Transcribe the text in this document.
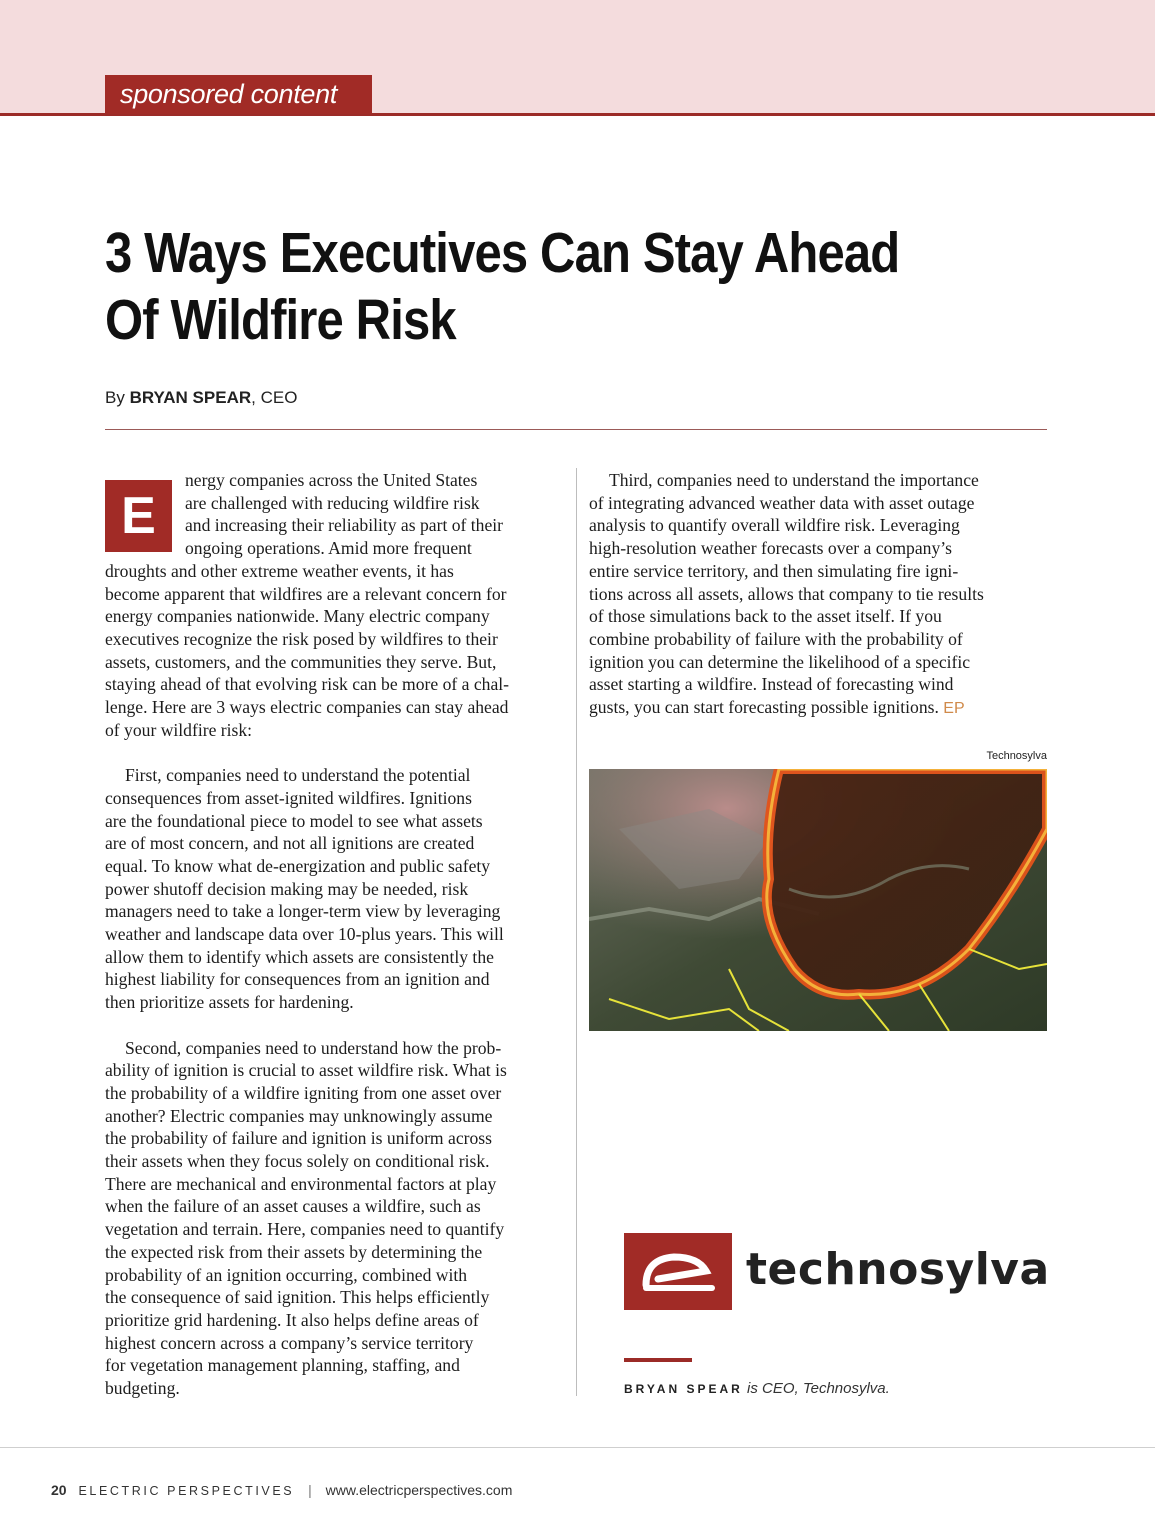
sponsored content
3 Ways Executives Can Stay Ahead
Of Wildfire Risk
By BRYAN SPEAR, CEO

E
nergy companies across the United States
are challenged with reducing wildfire risk
and increasing their reliability as part of their
ongoing operations. Amid more frequent
droughts and other extreme weather events, it has
become apparent that wildfires are a relevant concern for
energy companies nationwide. Many electric company
executives recognize the risk posed by wildfires to their
assets, customers, and the communities they serve. But,
staying ahead of that evolving risk can be more of a chal-
lenge. Here are 3 ways electric companies can stay ahead
of your wildfire risk:

First, companies need to understand the potential
consequences from asset-ignited wildfires. Ignitions
are the foundational piece to model to see what assets
are of most concern, and not all ignitions are created
equal. To know what de-energization and public safety
power shutoff decision making may be needed, risk
managers need to take a longer-term view by leveraging
weather and landscape data over 10-plus years. This will
allow them to identify which assets are consistently the
highest liability for consequences from an ignition and
then prioritize assets for hardening.

Second, companies need to understand how the prob-
ability of ignition is crucial to asset wildfire risk. What is
the probability of a wildfire igniting from one asset over
another? Electric companies may unknowingly assume
the probability of failure and ignition is uniform across
their assets when they focus solely on conditional risk.
There are mechanical and environmental factors at play
when the failure of an asset causes a wildfire, such as
vegetation and terrain. Here, companies need to quantify
the expected risk from their assets by determining the
probability of an ignition occurring, combined with
the consequence of said ignition. This helps efficiently
prioritize grid hardening. It also helps define areas of
highest concern across a company’s service territory
for vegetation management planning, staffing, and
budgeting.

Third, companies need to understand the importance
of integrating advanced weather data with asset outage
analysis to quantify overall wildfire risk. Leveraging
high-resolution weather forecasts over a company’s
entire service territory, and then simulating fire igni-
tions across all assets, allows that company to tie results
of those simulations back to the asset itself. If you
combine probability of failure with the probability of
ignition you can determine the likelihood of a specific
asset starting a wildfire. Instead of forecasting wind
gusts, you can start forecasting possible ignitions. EP

Technosylva
technosylva
BRYAN SPEAR is CEO, Technosylva.
20 ELECTRIC PERSPECTIVES | www.electricperspectives.com
